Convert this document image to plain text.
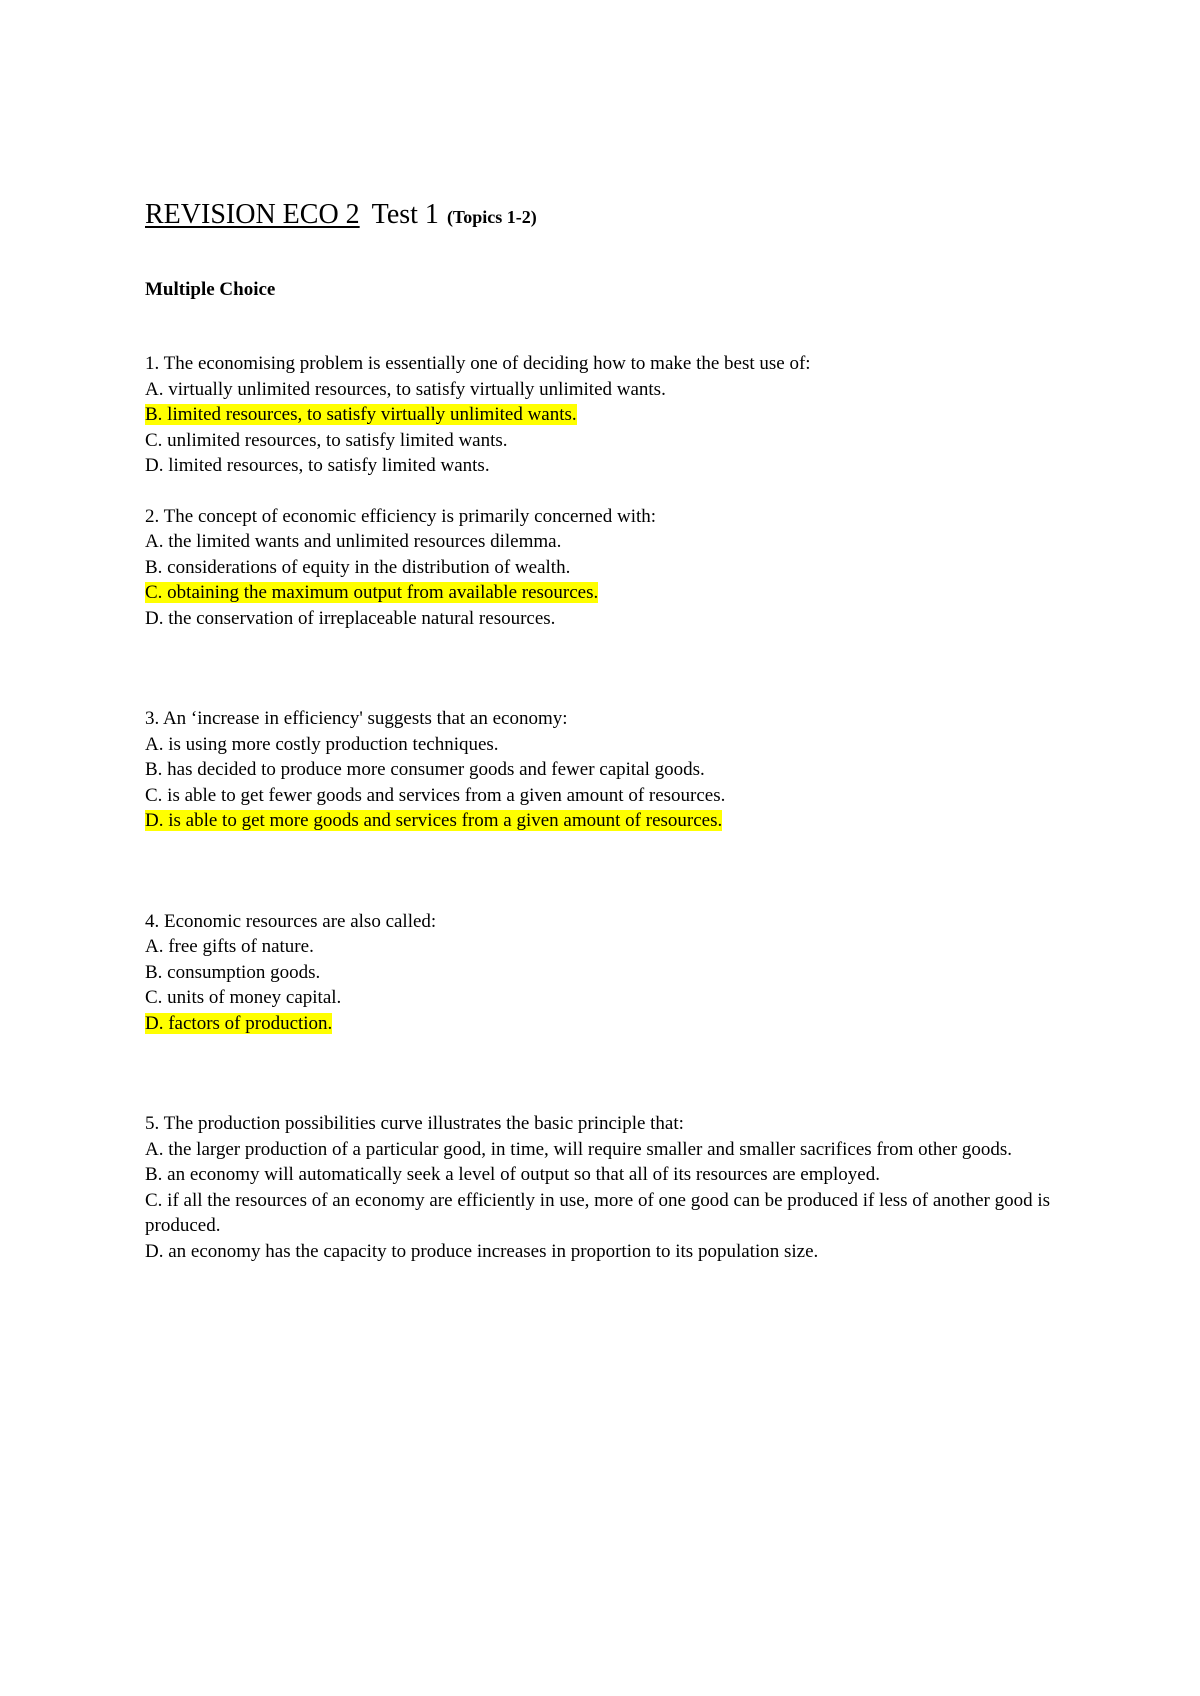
REVISION ECO 2 Test 1 (Topics 1-2)

Multiple Choice

1. The economising problem is essentially one of deciding how to make the best use of:

A. virtually unlimited resources, to satisfy virtually unlimited wants.

B. limited resources, to satisfy virtually unlimited wants.

C. unlimited resources, to satisfy limited wants.

D. limited resources, to satisfy limited wants.

2. The concept of economic efficiency is primarily concerned with:

A. the limited wants and unlimited resources dilemma.

B. considerations of equity in the distribution of wealth.

C. obtaining the maximum output from available resources.

D. the conservation of irreplaceable natural resources.

3. An ‘increase in efficiency' suggests that an economy:

A. is using more costly production techniques.

B. has decided to produce more consumer goods and fewer capital goods.

C. is able to get fewer goods and services from a given amount of resources.

D. is able to get more goods and services from a given amount of resources.

4. Economic resources are also called:

A. free gifts of nature.

B. consumption goods.

C. units of money capital.

D. factors of production.

5. The production possibilities curve illustrates the basic principle that:

A. the larger production of a particular good, in time, will require smaller and smaller sacrifices from other goods.

B. an economy will automatically seek a level of output so that all of its resources are employed.

C. if all the resources of an economy are efficiently in use, more of one good can be produced if less of another good is produced.

D. an economy has the capacity to produce increases in proportion to its population size.
